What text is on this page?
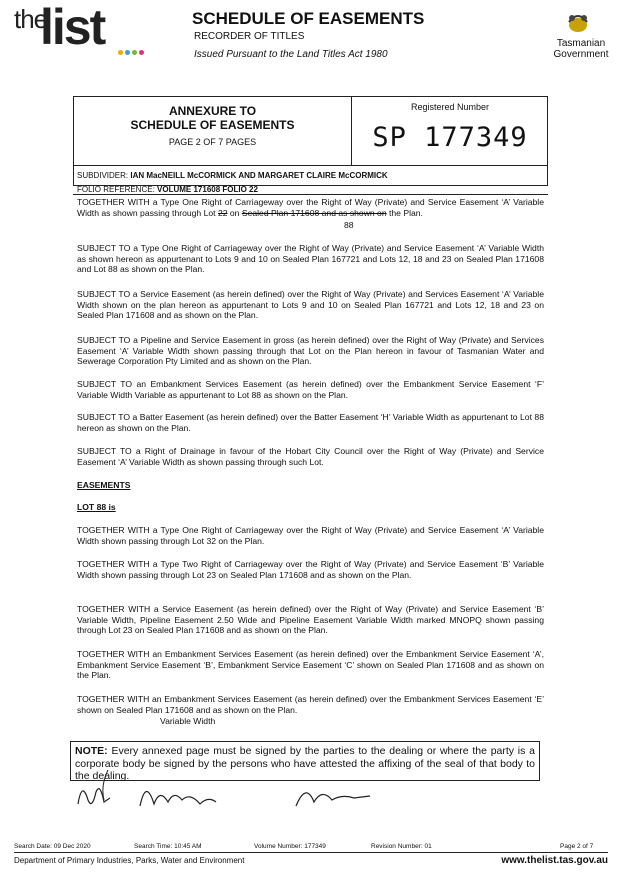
the
list	SCHEDULE OF EASEMENTS
RECORDER OF TITLES
Issued Pursuant to the Land Titles Act 1980
Tasmanian
Government
ANNEXURE TO
SCHEDULE OF EASEMENTS
PAGE 2 OF 7 PAGES
Registered Number
SP 177349
SUBDIVIDER: IAN MacNEILL McCORMICK AND MARGARET CLAIRE McCORMICK
FOLIO REFERENCE: VOLUME 171608 FOLIO 22
TOGETHER WITH a Type One Right of Carriageway over the Right of Way (Private) and Service Easement ‘A’ Variable Width as shown passing through Lot 22 on Sealed Plan 171608 and as shown on the Plan.
88
SUBJECT TO a Type One Right of Carriageway over the Right of Way (Private) and Service Easement ‘A’ Variable Width as shown hereon as appurtenant to Lots 9 and 10 on Sealed Plan 167721 and Lots 12, 18 and 23 on Sealed Plan 171608 and Lot 88 as shown on the Plan.
SUBJECT TO a Service Easement (as herein defined) over the Right of Way (Private) and Services Easement ‘A’ Variable Width shown on the plan hereon as appurtenant to Lots 9 and 10 on Sealed Plan 167721 and Lots 12, 18 and 23 on Sealed Plan 171608 and as shown on the Plan.
SUBJECT TO a Pipeline and Service Easement in gross (as herein defined) over the Right of Way (Private) and Services Easement ‘A’ Variable Width shown passing through that Lot on the Plan hereon in favour of Tasmanian Water and Sewerage Corporation Pty Limited and as shown on the Plan.
SUBJECT TO an Embankment Services Easement (as herein defined) over the Embankment Service Easement ‘F’ Variable Width Variable as appurtenant to Lot 88 as shown on the Plan.
SUBJECT TO a Batter Easement (as herein defined) over the Batter Easement ‘H’ Variable Width as appurtenant to Lot 88 hereon as shown on the Plan.
SUBJECT TO a Right of Drainage in favour of the Hobart City Council over the Right of Way (Private) and Service Easement ‘A’ Variable Width as shown passing through such Lot.
EASEMENTS
LOT 88 is
TOGETHER WITH a Type One Right of Carriageway over the Right of Way (Private) and Service Easement ‘A’ Variable Width shown passing through Lot 32 on the Plan.
TOGETHER WITH a Type Two Right of Carriageway over the Right of Way (Private) and Service Easement ‘B’ Variable Width shown passing through Lot 23 on Sealed Plan 171608 and as shown on the Plan.
TOGETHER WITH a Service Easement (as herein defined) over the Right of Way (Private) and Service Easement ‘B’ Variable Width, Pipeline Easement 2.50 Wide and Pipeline Easement Variable Width marked MNOPQ shown passing through Lot 23 on Sealed Plan 171608 and as shown on the Plan.
TOGETHER WITH an Embankment Services Easement (as herein defined) over the Embankment Service Easement ‘A’, Embankment Service Easement ‘B’, Embankment Service Easement ‘C’ shown on Sealed Plan 171608 and as shown on the Plan.
TOGETHER WITH an Embankment Services Easement (as herein defined) over the Embankment Services Easement ‘E’ shown on Sealed Plan 171608 and as shown on the Plan.
Variable Width
NOTE: Every annexed page must be signed by the parties to the dealing or where the party is a corporate body be signed by the persons who have attested the affixing of the seal of that body to the dealing.
Search Date: 09 Dec 2020	Search Time: 10:45 AM	Volume Number: 177349	Revision Number: 01	Page 2 of 7
Department of Primary Industries, Parks, Water and Environment	www.thelist.tas.gov.au
